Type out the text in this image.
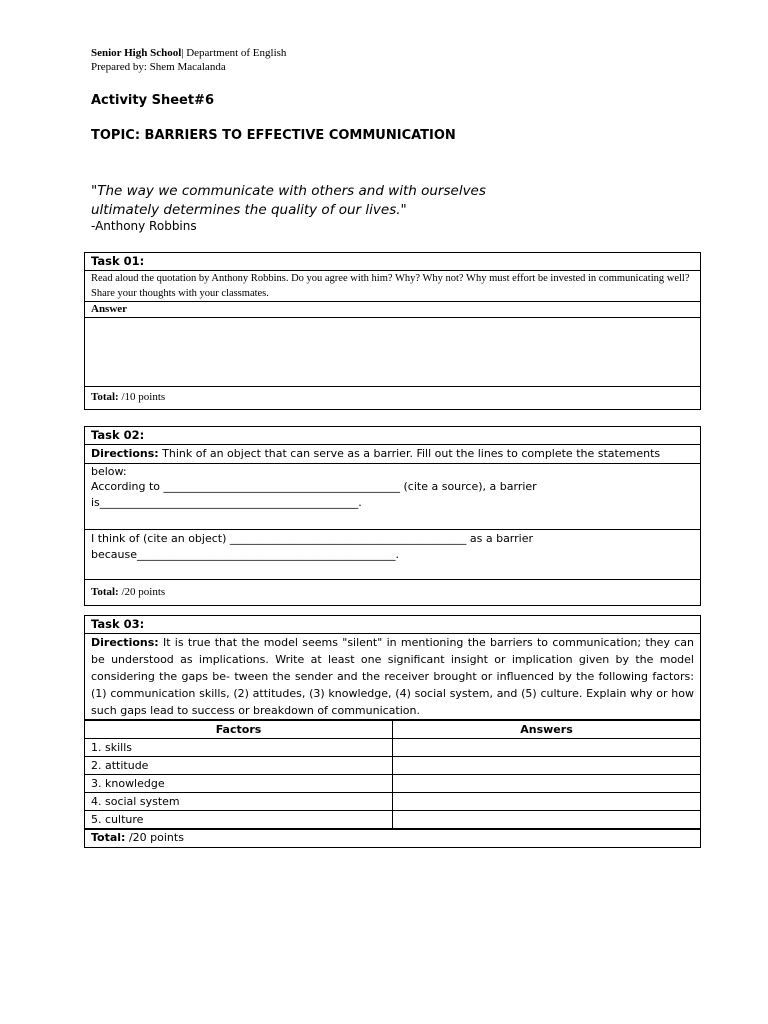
Senior High School| Department of English
Prepared by: Shem Macalanda
Activity Sheet#6
TOPIC: BARRIERS TO EFFECTIVE COMMUNICATION
"The way we communicate with others and with ourselves ultimately determines the quality of our lives."
-Anthony Robbins
Task 01:
Read aloud the quotation by Anthony Robbins. Do you agree with him? Why? Why not? Why must effort be invested in communicating well? Share your thoughts with your classmates.
Answer
Total: /10 points
Task 02:
Directions: Think of an object that can serve as a barrier. Fill out the lines to complete the statements below:
According to ___________________________________________ (cite a source), a barrier
is_______________________________________________.
I think of (cite an object) ___________________________________________ as a barrier
because_______________________________________________.
Total: /20 points
Task 03:
Directions: It is true that the model seems "silent" in mentioning the barriers to communication; they can be understood as implications. Write at least one significant insight or implication given by the model considering the gaps be- tween the sender and the receiver brought or influenced by the following factors: (1) communication skills, (2) attitudes, (3) knowledge, (4) social system, and (5) culture. Explain why or how such gaps lead to success or breakdown of communication.
Factors	Answers
1. skills	
2. attitude	
3. knowledge	
4. social system	
5. culture	
Total: /20 points
